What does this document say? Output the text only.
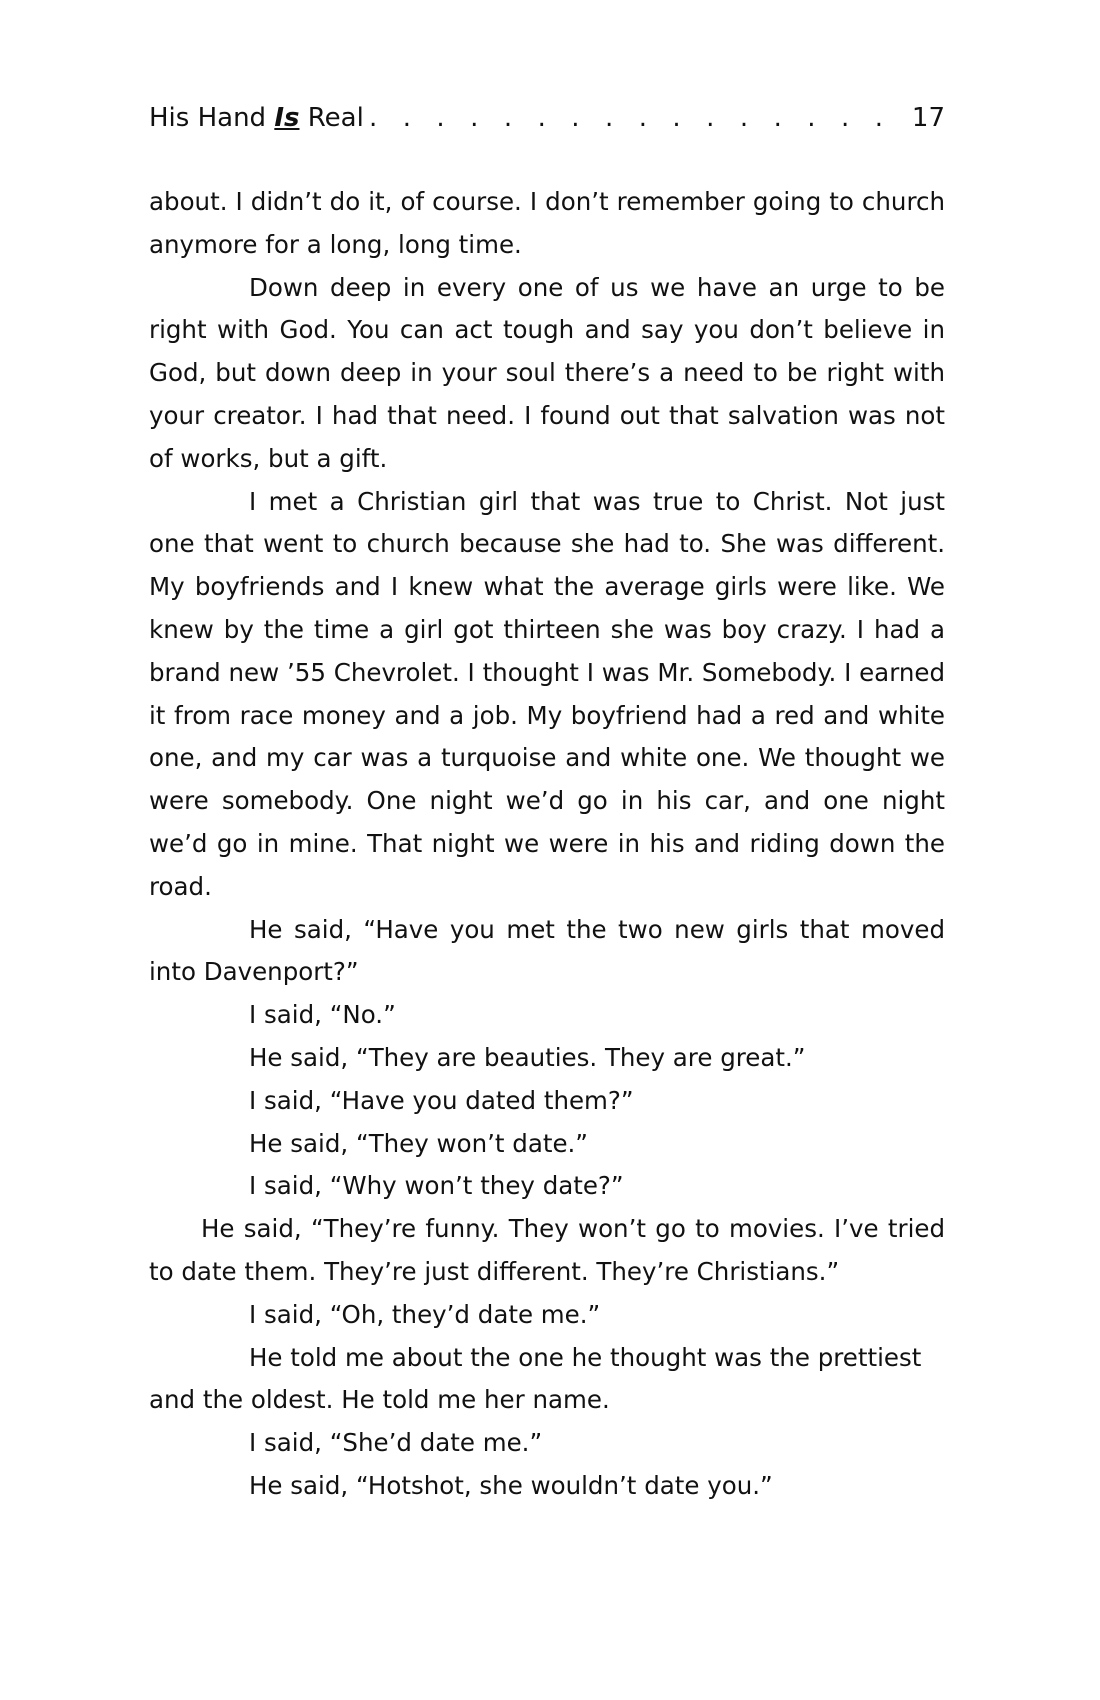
His Hand Is Real . . . . . . . . . . . . . . . . 17

about. I didn’t do it, of course. I don’t remember going to church anymore for a long, long time.

Down deep in every one of us we have an urge to be right with God. You can act tough and say you don’t believe in God, but down deep in your soul there’s a need to be right with your creator. I had that need. I found out that salvation was not of works, but a gift.

I met a Christian girl that was true to Christ. Not just one that went to church because she had to. She was different. My boyfriends and I knew what the average girls were like. We knew by the time a girl got thirteen she was boy crazy. I had a brand new ’55 Chevrolet. I thought I was Mr. Somebody. I earned it from race money and a job. My boyfriend had a red and white one, and my car was a turquoise and white one. We thought we were somebody. One night we’d go in his car, and one night we’d go in mine. That night we were in his and riding down the road.

He said, “Have you met the two new girls that moved into Davenport?”

I said, “No.”

He said, “They are beauties. They are great.”

I said, “Have you dated them?”

He said, “They won’t date.”

I said, “Why won’t they date?”

He said, “They’re funny. They won’t go to movies. I’ve tried to date them. They’re just different. They’re Christians.”

I said, “Oh, they’d date me.”

He told me about the one he thought was the prettiest and the oldest. He told me her name.

I said, “She’d date me.”

He said, “Hotshot, she wouldn’t date you.”
